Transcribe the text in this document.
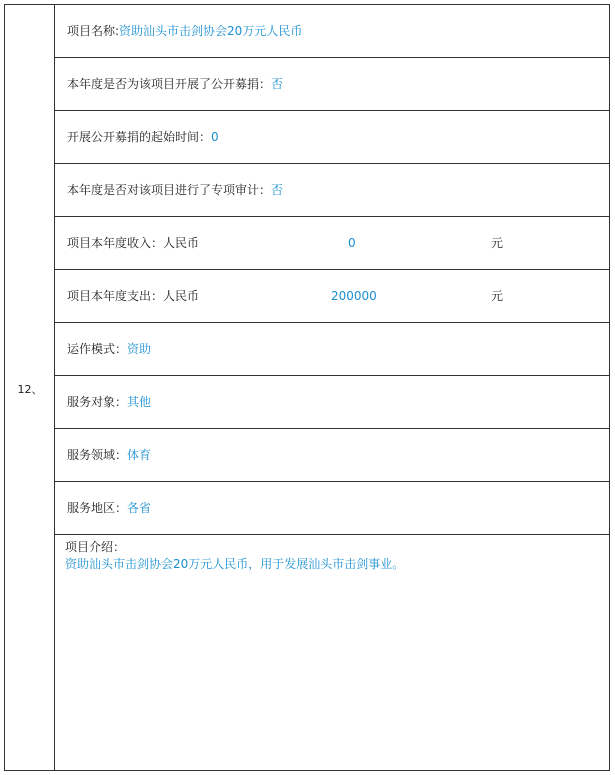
12、
项目名称:资助汕头市击剑协会20万元人民币
本年度是否为该项目开展了公开募捐：否
开展公开募捐的起始时间：0
本年度是否对该项目进行了专项审计：否
项目本年度收入：人民币	0	元
项目本年度支出：人民币	200000	元
运作模式：资助
服务对象：其他
服务领域：体育
服务地区：各省
项目介绍：
资助汕头市击剑协会20万元人民币，用于发展汕头市击剑事业。
